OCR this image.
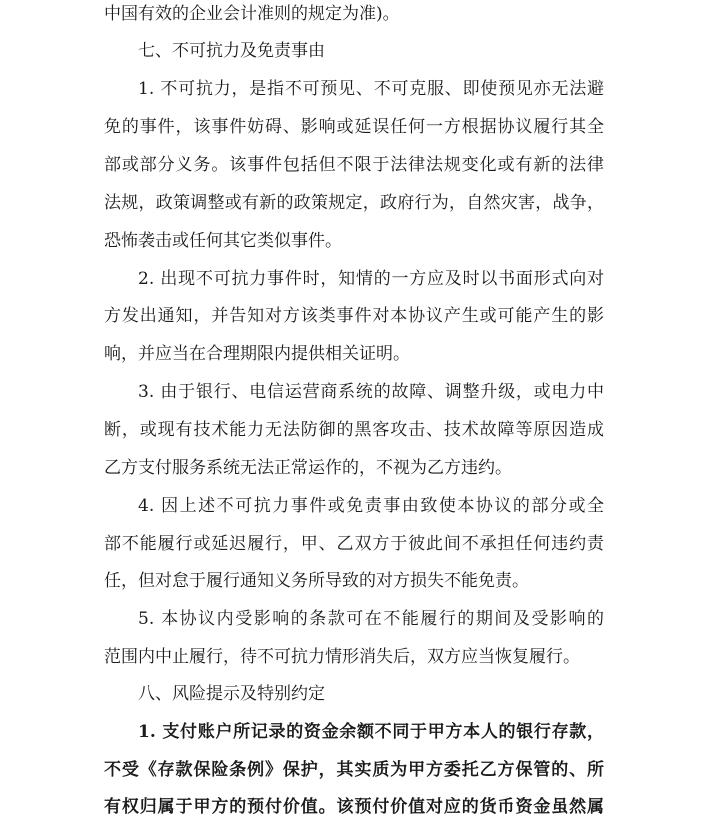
中国有效的企业会计准则的规定为准)。
七、不可抗力及免责事由
1. 不可抗力，是指不可预见、不可克服、即使预见亦无法避
免的事件，该事件妨碍、影响或延误任何一方根据协议履行其全
部或部分义务。该事件包括但不限于法律法规变化或有新的法律
法规，政策调整或有新的政策规定，政府行为，自然灾害，战争，
恐怖袭击或任何其它类似事件。
2. 出现不可抗力事件时，知情的一方应及时以书面形式向对
方发出通知，并告知对方该类事件对本协议产生或可能产生的影
响，并应当在合理期限内提供相关证明。
3. 由于银行、电信运营商系统的故障、调整升级，或电力中
断，或现有技术能力无法防御的黑客攻击、技术故障等原因造成
乙方支付服务系统无法正常运作的，不视为乙方违约。
4. 因上述不可抗力事件或免责事由致使本协议的部分或全
部不能履行或延迟履行，甲、乙双方于彼此间不承担任何违约责
任，但对怠于履行通知义务所导致的对方损失不能免责。
5. 本协议内受影响的条款可在不能履行的期间及受影响的
范围内中止履行，待不可抗力情形消失后，双方应当恢复履行。
八、风险提示及特别约定
1. 支付账户所记录的资金余额不同于甲方本人的银行存款，
不受《存款保险条例》保护，其实质为甲方委托乙方保管的、所
有权归属于甲方的预付价值。该预付价值对应的货币资金虽然属
